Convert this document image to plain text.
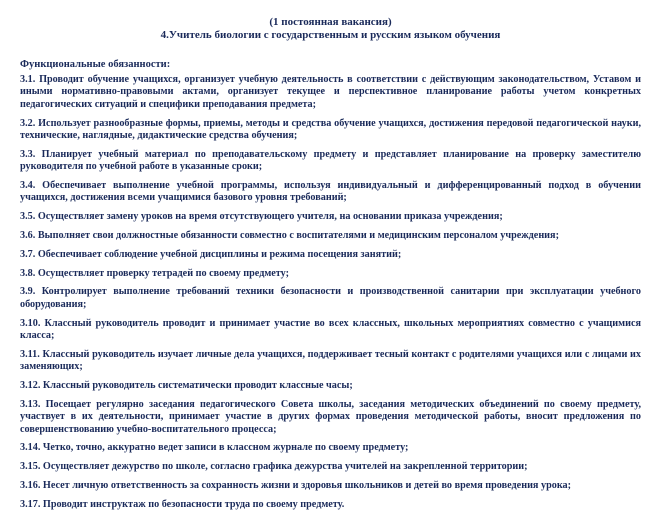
(1 постоянная вакансия)
4.Учитель биологии с государственным и русским языком обучения
Функциональные обязанности:
3.1. Проводит обучение учащихся, организует учебную деятельность в соответствии с действующим законодательством, Уставом и иными нормативно-правовыми актами, организует текущее и перспективное планирование работы учетом конкретных педагогических ситуаций и специфики преподавания предмета;
3.2. Использует разнообразные формы, приемы, методы и средства обучение учащихся, достижения передовой педагогической науки, технические, наглядные, дидактические средства обучения;
3.3. Планирует учебный материал по преподавательскому предмету и представляет планирование на проверку заместителю руководителя по учебной работе в указанные сроки;
3.4. Обеспечивает выполнение учебной программы, используя индивидуальный и дифференцированный подход в обучении учащихся, достижения всеми учащимися базового уровня требований;
3.5. Осуществляет замену уроков на время отсутствующего учителя, на основании приказа учреждения;
3.6. Выполняет свои должностные обязанности совместно с воспитателями и медицинским персоналом учреждения;
3.7. Обеспечивает соблюдение учебной дисциплины и режима посещения занятий;
3.8. Осуществляет проверку тетрадей по своему предмету;
3.9. Контролирует выполнение требований техники безопасности и производственной санитарии при эксплуатации учебного оборудования;
3.10. Классный руководитель проводит и принимает участие во всех классных, школьных мероприятиях совместно с учащимися класса;
3.11. Классный руководитель изучает личные дела учащихся, поддерживает тесный контакт с родителями учащихся или с лицами их заменяющих;
3.12. Классный руководитель систематически проводит классные часы;
3.13. Посещает регулярно заседания педагогического Совета школы, заседания методических объединений по своему предмету, участвует в их деятельности, принимает участие в других формах проведения методической работы, вносит предложения по совершенствованию учебно-воспитательного процесса;
3.14. Четко, точно, аккуратно ведет записи в классном журнале по своему предмету;
3.15. Осуществляет дежурство по школе, согласно графика дежурства учителей на закрепленной территории;
3.16. Несет личную ответственность за сохранность жизни и здоровья школьников и детей во время проведения урока;
3.17. Проводит инструктаж по безопасности труда по своему предмету.
